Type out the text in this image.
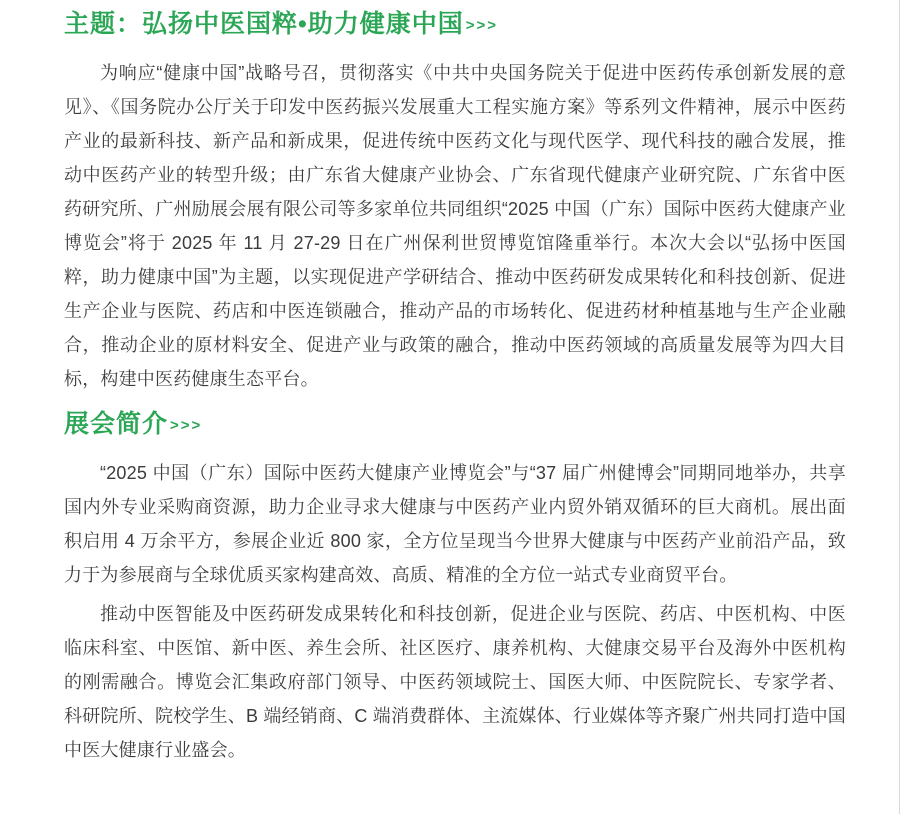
主题：弘扬中医国粹•助力健康中国 >>>

为响应“健康中国”战略号召，贯彻落实《中共中央国务院关于促进中医药传承创新发展的意见》、《国务院办公厅关于印发中医药振兴发展重大工程实施方案》等系列文件精神，展示中医药产业的最新科技、新产品和新成果，促进传统中医药文化与现代医学、现代科技的融合发展，推动中医药产业的转型升级；由广东省大健康产业协会、广东省现代健康产业研究院、广东省中医药研究所、广州励展会展有限公司等多家单位共同组织“2025 中国（广东）国际中医药大健康产业博览会”将于 2025 年 11 月 27-29 日在广州保利世贸博览馆隆重举行。本次大会以“弘扬中医国粹，助力健康中国”为主题，以实现促进产学研结合、推动中医药研发成果转化和科技创新、促进生产企业与医院、药店和中医连锁融合，推动产品的市场转化、促进药材种植基地与生产企业融合，推动企业的原材料安全、促进产业与政策的融合，推动中医药领域的高质量发展等为四大目标，构建中医药健康生态平台。

展会简介 >>>

“2025 中国（广东）国际中医药大健康产业博览会”与“37 届广州健博会”同期同地举办，共享国内外专业采购商资源，助力企业寻求大健康与中医药产业内贸外销双循环的巨大商机。展出面积启用 4 万余平方，参展企业近 800 家，全方位呈现当今世界大健康与中医药产业前沿产品，致力于为参展商与全球优质买家构建高效、高质、精准的全方位一站式专业商贸平台。

推动中医智能及中医药研发成果转化和科技创新，促进企业与医院、药店、中医机构、中医临床科室、中医馆、新中医、养生会所、社区医疗、康养机构、大健康交易平台及海外中医机构的刚需融合。博览会汇集政府部门领导、中医药领域院士、国医大师、中医院院长、专家学者、科研院所、院校学生、B 端经销商、C 端消费群体、主流媒体、行业媒体等齐聚广州共同打造中国中医大健康行业盛会。
